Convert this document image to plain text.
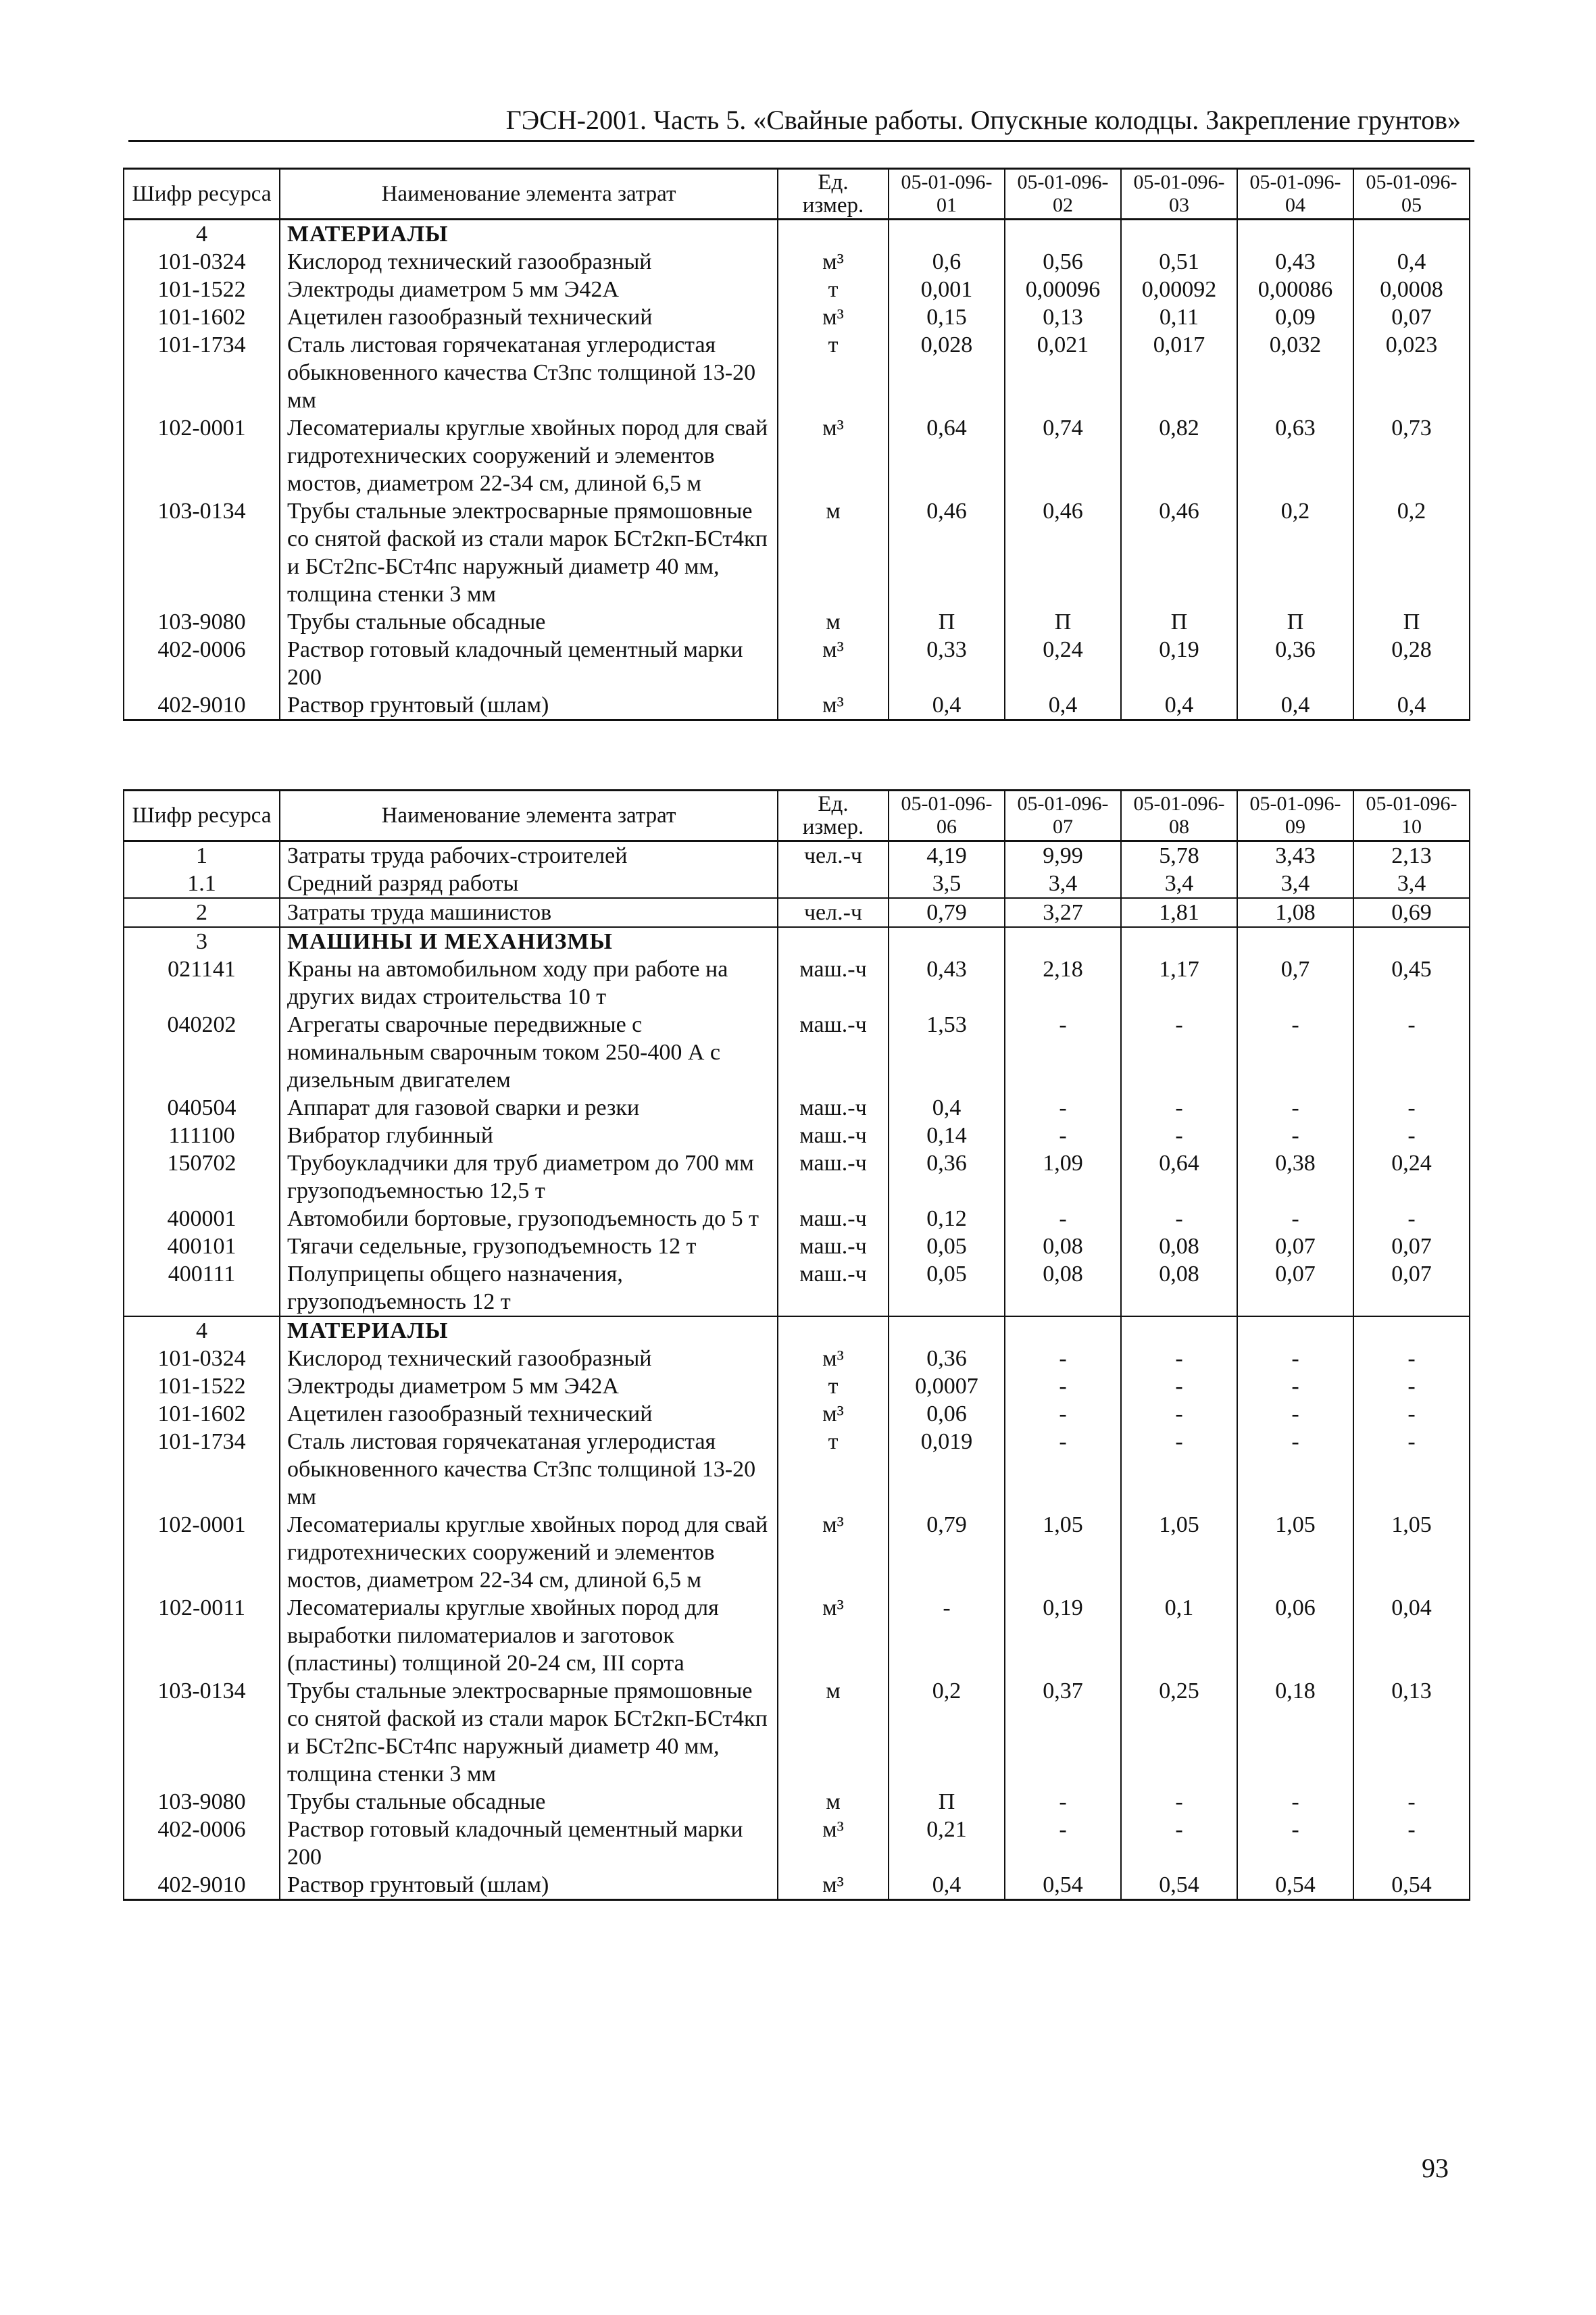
ГЭСН-2001. Часть 5. «Свайные работы. Опускные колодцы. Закрепление грунтов»
Шифр ресурса	Наименование элемента затрат	Ед. измер.	05-01-096-01	05-01-096-02	05-01-096-03	05-01-096-04	05-01-096-05
4	МАТЕРИАЛЫ						
101-0324	Кислород технический газообразный	м³	0,6	0,56	0,51	0,43	0,4
101-1522	Электроды диаметром 5 мм Э42А	т	0,001	0,00096	0,00092	0,00086	0,0008
101-1602	Ацетилен газообразный технический	м³	0,15	0,13	0,11	0,09	0,07
101-1734	Сталь листовая горячекатаная углеродистая обыкновенного качества Ст3пс толщиной 13-20 мм	т	0,028	0,021	0,017	0,032	0,023
102-0001	Лесоматериалы круглые хвойных пород для свай гидротехнических сооружений и элементов мостов, диаметром 22-34 см, длиной 6,5 м	м³	0,64	0,74	0,82	0,63	0,73
103-0134	Трубы стальные электросварные прямошовные со снятой фаской из стали марок БСт2кп-БСт4кп и БСт2пс-БСт4пс наружный диаметр 40 мм, толщина стенки 3 мм	м	0,46	0,46	0,46	0,2	0,2
103-9080	Трубы стальные обсадные	м	П	П	П	П	П
402-0006	Раствор готовый кладочный цементный марки 200	м³	0,33	0,24	0,19	0,36	0,28
402-9010	Раствор грунтовый (шлам)	м³	0,4	0,4	0,4	0,4	0,4
Шифр ресурса	Наименование элемента затрат	Ед. измер.	05-01-096-06	05-01-096-07	05-01-096-08	05-01-096-09	05-01-096-10
1	Затраты труда рабочих-строителей	чел.-ч	4,19	9,99	5,78	3,43	2,13
1.1	Средний разряд работы		3,5	3,4	3,4	3,4	3,4
2	Затраты труда машинистов	чел.-ч	0,79	3,27	1,81	1,08	0,69
3	МАШИНЫ И МЕХАНИЗМЫ						
021141	Краны на автомобильном ходу при работе на других видах строительства 10 т	маш.-ч	0,43	2,18	1,17	0,7	0,45
040202	Агрегаты сварочные передвижные с номинальным сварочным током 250-400 А с дизельным двигателем	маш.-ч	1,53	-	-	-	-
040504	Аппарат для газовой сварки и резки	маш.-ч	0,4	-	-	-	-
111100	Вибратор глубинный	маш.-ч	0,14	-	-	-	-
150702	Трубоукладчики для труб диаметром до 700 мм грузоподъемностью 12,5 т	маш.-ч	0,36	1,09	0,64	0,38	0,24
400001	Автомобили бортовые, грузоподъемность до 5 т	маш.-ч	0,12	-	-	-	-
400101	Тягачи седельные, грузоподъемность 12 т	маш.-ч	0,05	0,08	0,08	0,07	0,07
400111	Полуприцепы общего назначения, грузоподъемность 12 т	маш.-ч	0,05	0,08	0,08	0,07	0,07
4	МАТЕРИАЛЫ						
101-0324	Кислород технический газообразный	м³	0,36	-	-	-	-
101-1522	Электроды диаметром 5 мм Э42А	т	0,0007	-	-	-	-
101-1602	Ацетилен газообразный технический	м³	0,06	-	-	-	-
101-1734	Сталь листовая горячекатаная углеродистая обыкновенного качества Ст3пс толщиной 13-20 мм	т	0,019	-	-	-	-
102-0001	Лесоматериалы круглые хвойных пород для свай гидротехнических сооружений и элементов мостов, диаметром 22-34 см, длиной 6,5 м	м³	0,79	1,05	1,05	1,05	1,05
102-0011	Лесоматериалы круглые хвойных пород для выработки пиломатериалов и заготовок (пластины) толщиной 20-24 см, III сорта	м³	-	0,19	0,1	0,06	0,04
103-0134	Трубы стальные электросварные прямошовные со снятой фаской из стали марок БСт2кп-БСт4кп и БСт2пс-БСт4пс наружный диаметр 40 мм, толщина стенки 3 мм	м	0,2	0,37	0,25	0,18	0,13
103-9080	Трубы стальные обсадные	м	П	-	-	-	-
402-0006	Раствор готовый кладочный цементный марки 200	м³	0,21	-	-	-	-
402-9010	Раствор грунтовый (шлам)	м³	0,4	0,54	0,54	0,54	0,54
93
